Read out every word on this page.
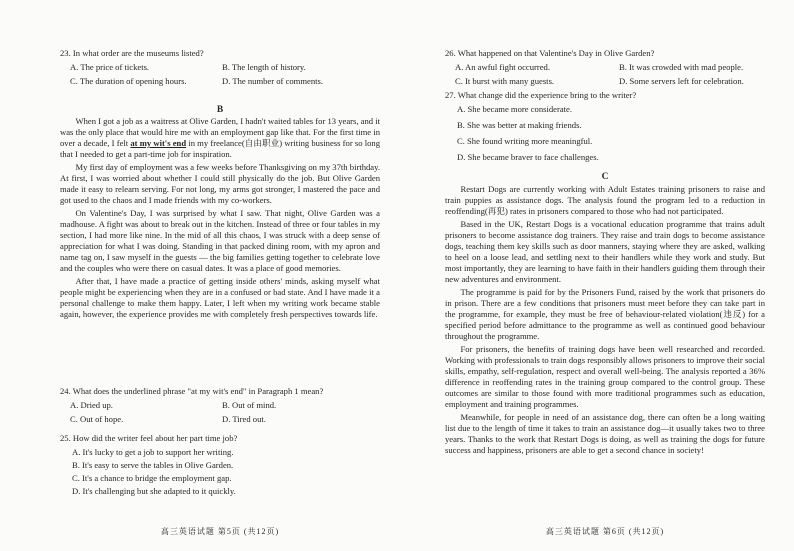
23. In what order are the museums listed?

A. The price of tickets.	B. The length of history.
C. The duration of opening hours.	D. The number of comments.
B

When I got a job as a waitress at Olive Garden, I hadn't waited tables for 13 years, and it was the only place that would hire me with an employment gap like that. For the first time in over a decade, I felt at my wit's end in my freelance(自由职业) writing business for so long that I needed to get a part-time job for inspiration.

My first day of employment was a few weeks before Thanksgiving on my 37th birthday. At first, I was worried about whether I could still physically do the job. But Olive Garden made it easy to relearn serving. For not long, my arms got stronger, I mastered the pace and got used to the chaos and I made friends with my co-workers.

On Valentine's Day, I was surprised by what I saw. That night, Olive Garden was a madhouse. A fight was about to break out in the kitchen. Instead of three or four tables in my section, I had more like nine. In the mid of all this chaos, I was struck with a deep sense of appreciation for what I was doing. Standing in that packed dining room, with my apron and name tag on, I saw myself in the guests — the big families getting together to celebrate love and the couples who were there on casual dates. It was a place of good memories.

After that, I have made a practice of getting inside others' minds, asking myself what people might be experiencing when they are in a confused or bad state. And I have made it a personal challenge to make them happy. Later, I left when my writing work became stable again, however, the experience provides me with completely fresh perspectives towards life.

24. What does the underlined phrase "at my wit's end" in Paragraph 1 mean?

A. Dried up.	B. Out of mind.
C. Out of hope.	D. Tired out.

25. How did the writer feel about her part time job?

A. It's lucky to get a job to support her writing.
B. It's easy to serve the tables in Olive Garden.
C. It's a chance to bridge the employment gap.
D. It's challenging but she adapted to it quickly.
高三英语试题 第5页 (共12页)

26. What happened on that Valentine's Day in Olive Garden?

A. An awful fight occurred.	B. It was crowded with mad people.
C. It burst with many guests.	D. Some servers left for celebration.

27. What change did the experience bring to the writer?

A. She became more considerate.
B. She was better at making friends.
C. She found writing more meaningful.
D. She became braver to face challenges.
C

Restart Dogs are currently working with Adult Estates training prisoners to raise and train puppies as assistance dogs. The analysis found the program led to a reduction in reoffending(再犯) rates in prisoners compared to those who had not participated.

Based in the UK, Restart Dogs is a vocational education programme that trains adult prisoners to become assistance dog trainers. They raise and train dogs to become assistance dogs, teaching them key skills such as door manners, staying where they are asked, walking to heel on a loose lead, and settling next to their handlers while they work and study. But most importantly, they are learning to have faith in their handlers guiding them through their new adventures and environment.

The programme is paid for by the Prisoners Fund, raised by the work that prisoners do in prison. There are a few conditions that prisoners must meet before they can take part in the programme, for example, they must be free of behaviour-related violation(违反) for a specified period before admittance to the programme as well as continued good behaviour throughout the programme.

For prisoners, the benefits of training dogs have been well researched and recorded. Working with professionals to train dogs responsibly allows prisoners to improve their social skills, empathy, self-regulation, respect and overall well-being. The analysis reported a 36% difference in reoffending rates in the training group compared to the control group. These outcomes are similar to those found with more traditional programmes such as education, employment and training programmes.

Meanwhile, for people in need of an assistance dog, there can often be a long waiting list due to the length of time it takes to train an assistance dog—it usually takes two to three years. Thanks to the work that Restart Dogs is doing, as well as training the dogs for future success and happiness, prisoners are able to get a second chance in society!

高三英语试题 第6页 (共12页)
